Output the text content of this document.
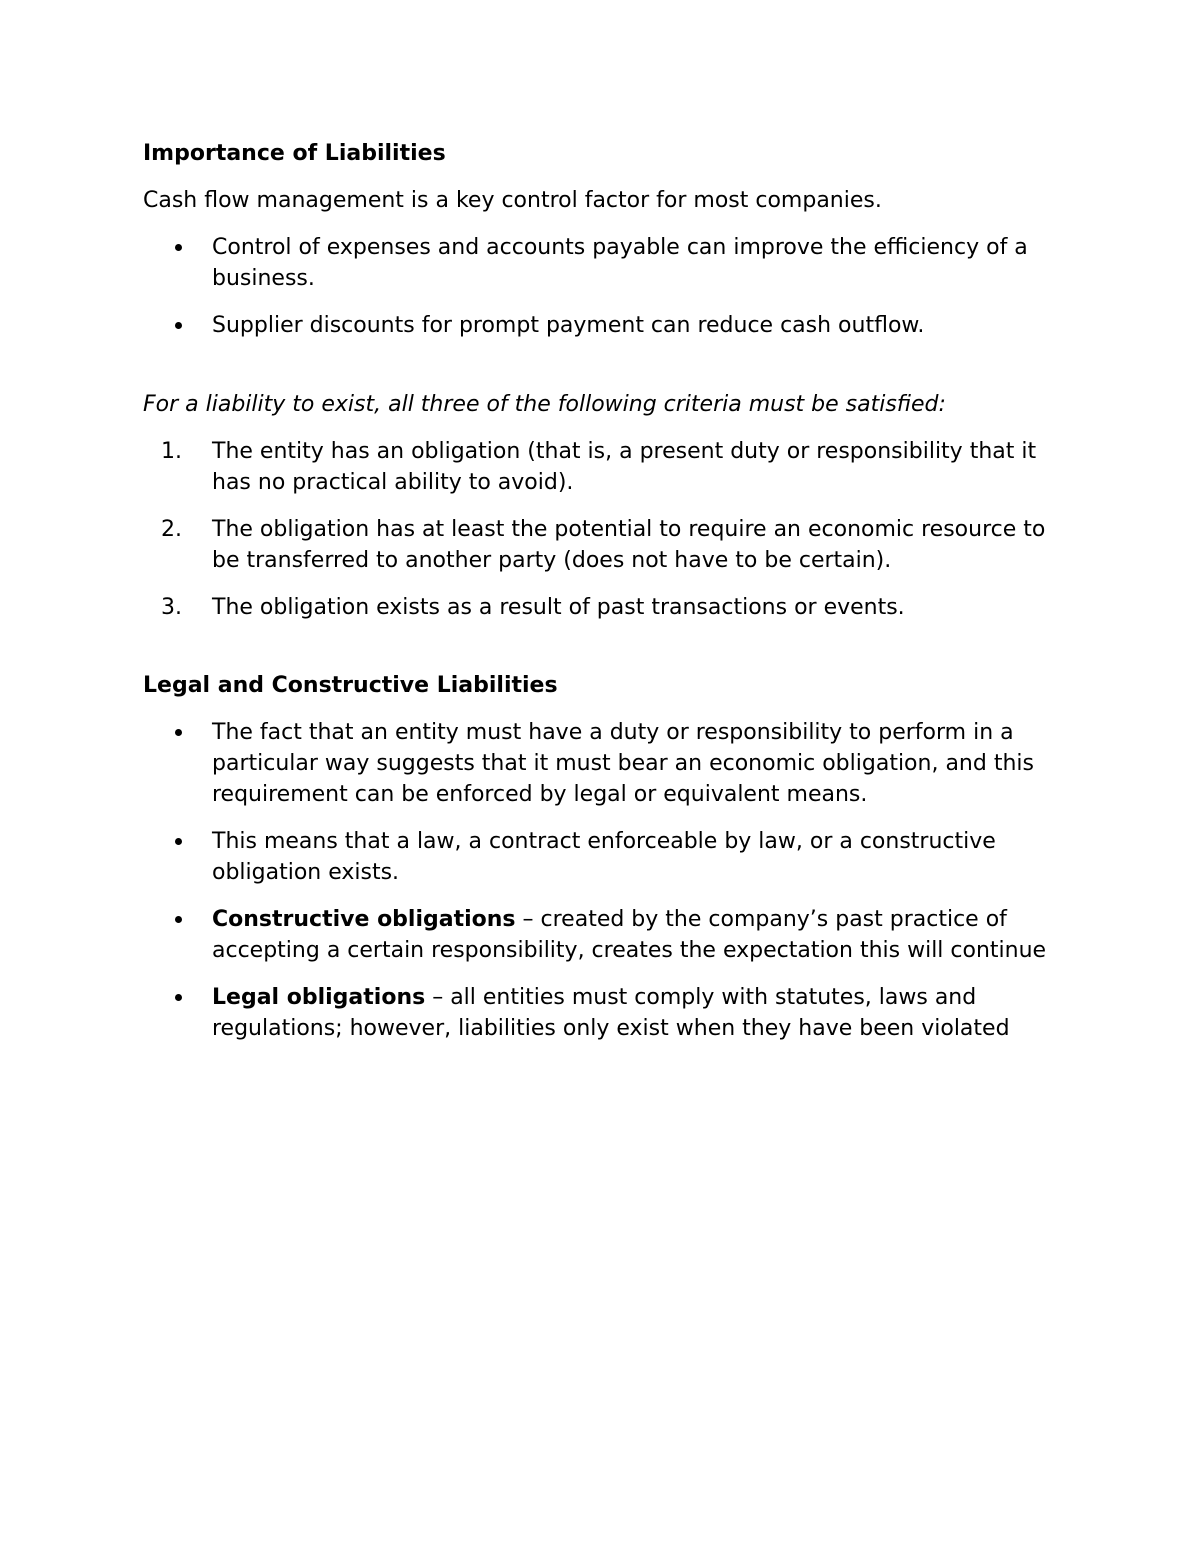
Importance of Liabilities

Cash flow management is a key control factor for most companies.

Control of expenses and accounts payable can improve the efficiency of a business.
Supplier discounts for prompt payment can reduce cash outflow.

For a liability to exist, all three of the following criteria must be satisfied:

1. The entity has an obligation (that is, a present duty or responsibility that it has no practical ability to avoid).
2. The obligation has at least the potential to require an economic resource to be transferred to another party (does not have to be certain).
3. The obligation exists as a result of past transactions or events.
Legal and Constructive Liabilities
The fact that an entity must have a duty or responsibility to perform in a particular way suggests that it must bear an economic obligation, and this requirement can be enforced by legal or equivalent means.
This means that a law, a contract enforceable by law, or a constructive obligation exists.
Constructive obligations – created by the company’s past practice of accepting a certain responsibility, creates the expectation this will continue
Legal obligations – all entities must comply with statutes, laws and regulations; however, liabilities only exist when they have been violated
